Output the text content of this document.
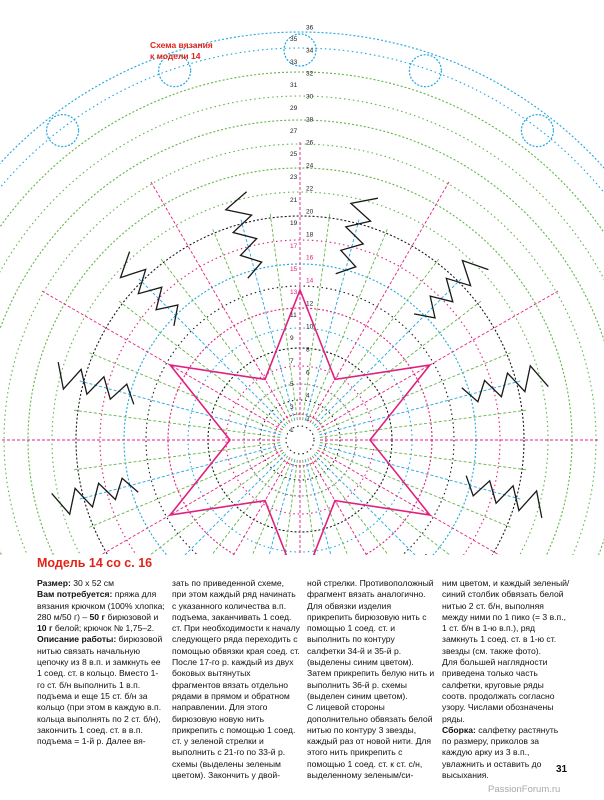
1
2
3
4
5
6
7
8
9
10
11
12
13
14
15
16
17
18
19
20
21
22
23
24
25
26
27
28
29
30
31
32
33
34
35
36
Схема вязания
к модели 14
Модель 14 со с. 16

Размер: 30 х 52 см

Вам потребуется: пряжа для вязания крючком (100% хлопка; 280 м/50 г) – 50 г бирюзовой и 10 г белой; крючок № 1,75–2.

Описание работы: бирюзовой нитью связать начальную цепочку из 8 в.п. и замкнуть ее 1 соед. ст. в кольцо. Вместо 1-го ст. б/н выполнить 1 в.п. подъема и еще 15 ст. б/н за кольцо (при этом в каждую в.п. кольца выполнять по 2 ст. б/н), закончить 1 соед. ст. в в.п. подъема = 1-й р. Далее вя-

зать по приведенной схеме, при этом каждый ряд начинать с указанного количества в.п. подъема, заканчивать 1 соед. ст. При необходимости к началу следующего ряда переходить с помощью обвязки края соед. ст.

После 17-го р. каждый из двух боковых вытянутых фрагментов вязать отдельно рядами в прямом и обратном направлении. Для этого бирюзовую новую нить прикрепить с помощью 1 соед. ст. у зеленой стрелки и выполнить с 21-го по 33-й р. схемы (выделены зеленым цветом). Закончить у двой-

ной стрелки. Противоположный фрагмент вязать аналогично.

Для обвязки изделия прикрепить бирюзовую нить с помощью 1 соед. ст. и выполнить по контуру салфетки 34-й и 35-й р. (выделены синим цветом). Затем прикрепить белую нить и выполнить 36-й р. схемы (выделен синим цветом).

С лицевой стороны дополнительно обвязать белой нитью по контуру 3 звезды, каждый раз от новой нити. Для этого нить прикрепить с помощью 1 соед. ст. к ст. с/н, выделенному зеленым/си-

ним цветом, и каждый зеленый/синий столбик обвязать белой нитью 2 ст. б/н, выполняя между ними по 1 пико (= 3 в.п., 1 ст. б/н в 1-ю в.п.), ряд замкнуть 1 соед. ст. в 1-ю ст. звезды (см. также фото).

Для большей наглядности приведена только часть салфетки, круговые ряды соотв. продолжать согласно узору. Числами обозначены ряды.

Сборка: салфетку растянуть по размеру, приколов за каждую арку из 3 в.п., увлажнить и оставить до высыхания.

31
PassionForum.ru
